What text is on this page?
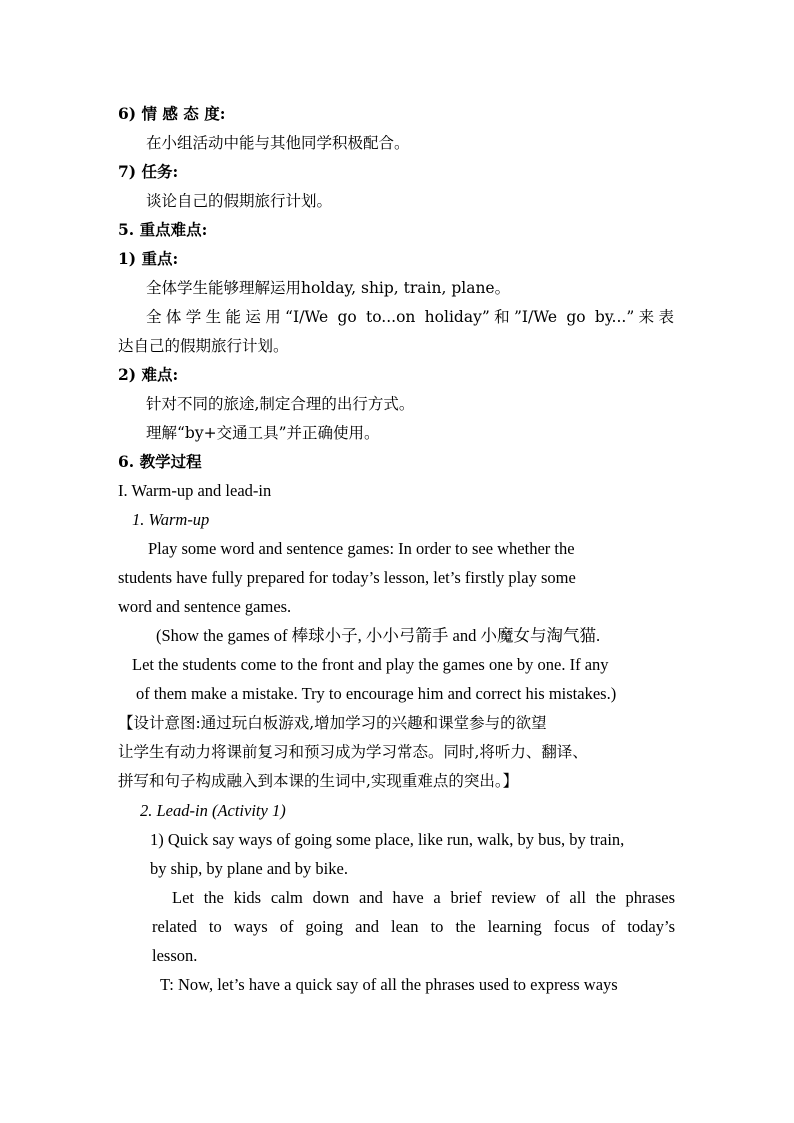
6) 情 感 态 度:
在小组活动中能与其他同学积极配合。
7) 任务:
谈论自己的假期旅行计划。
5. 重点难点:
1) 重点:
全体学生能够理解运用holday, ship, train, plane。
全体学生能运用“I/We go to...on holiday”和”I/We go by...”来表
达自己的假期旅行计划。
2) 难点:
针对不同的旅途,制定合理的出行方式。
理解“by+交通工具”并正确使用。
6. 教学过程
I. Warm-up and lead-in
1. Warm-up
Play some word and sentence games: In order to see whether the
students have fully prepared for today’s lesson, let’s firstly play some
word and sentence games.
(Show the games of 棒球小子, 小小弓箭手 and 小魔女与淘气猫.
Let the students come to the front and play the games one by one. If any
of them make a mistake. Try to encourage him and correct his mistakes.)
【设计意图:通过玩白板游戏,增加学习的兴趣和课堂参与的欲望
让学生有动力将课前复习和预习成为学习常态。同时,将听力、翻译、
拼写和句子构成融入到本课的生词中,实现重难点的突出。】
2. Lead-in (Activity 1)
1) Quick say ways of going some place, like run, walk, by bus, by train,
by ship, by plane and by bike.
Let the kids calm down and have a brief review of all the phrases
related to ways of going and lean to the learning focus of today’s
lesson.
T: Now, let’s have a quick say of all the phrases used to express ways
